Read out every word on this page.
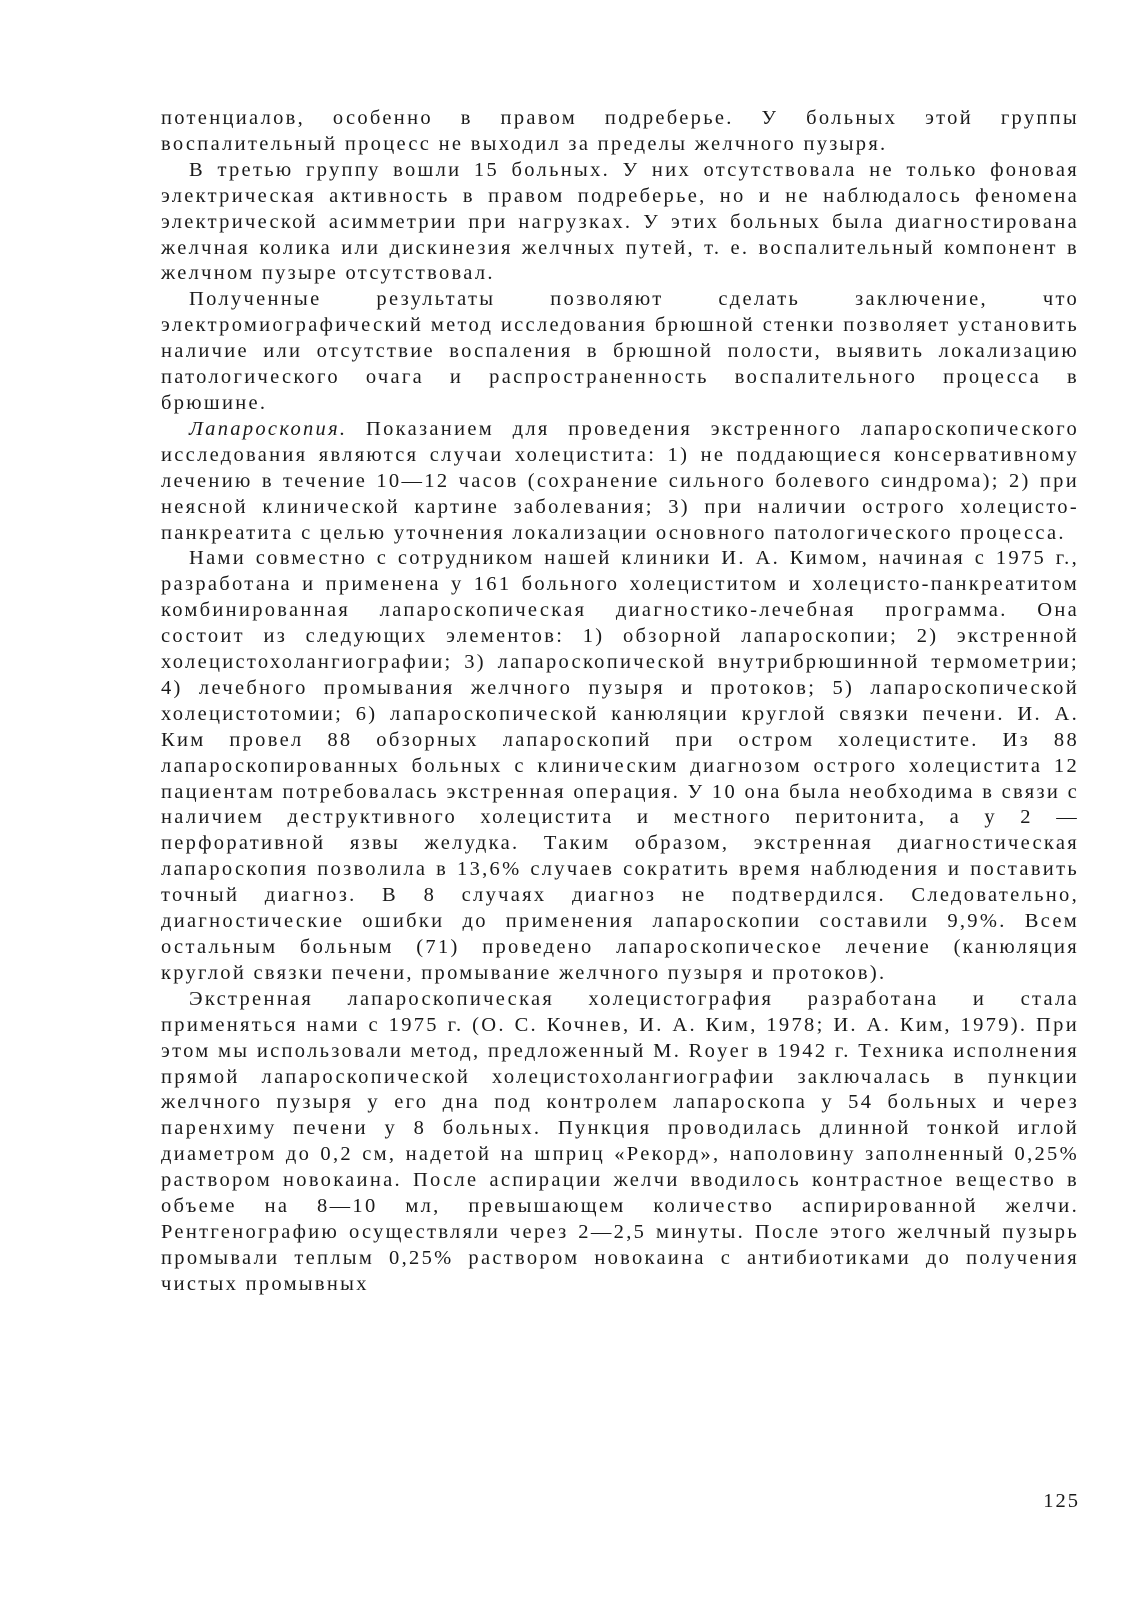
потенциалов, особенно в правом подреберье. У больных этой группы воспалительный процесс не выходил за пределы желчного пузыря.

В третью группу вошли 15 больных. У них отсутствовала не только фоновая электрическая активность в правом подреберье, но и не наблюдалось феномена электрической асимметрии при нагрузках. У этих больных была диагностирована желчная колика или дискинезия желчных путей, т. е. воспалительный компонент в желчном пузыре отсутствовал.

Полученные результаты позволяют сделать заключение, что электромиографический метод исследования брюшной стенки позволяет установить наличие или отсутствие воспаления в брюшной полости, выявить локализацию патологического очага и распространенность воспалительного процесса в брюшине.

Лапароскопия. Показанием для проведения экстренного лапароскопического исследования являются случаи холецистита: 1) не поддающиеся консервативному лечению в течение 10—12 часов (сохранение сильного болевого синдрома); 2) при неясной клинической картине заболевания; 3) при наличии острого холецисто-панкреатита с целью уточнения локализации основного патологического процесса.

Нами совместно с сотрудником нашей клиники И. А. Кимом, начиная с 1975 г., разработана и применена у 161 больного холециститом и холецисто-панкреатитом комбинированная лапароскопическая диагностико-лечебная программа. Она состоит из следующих элементов: 1) обзорной лапароскопии; 2) экстренной холецистохолангиографии; 3) лапароскопической внутрибрюшинной термометрии; 4) лечебного промывания желчного пузыря и протоков; 5) лапароскопической холецистотомии; 6) лапароскопической канюляции круглой связки печени. И. А. Ким провел 88 обзорных лапароскопий при остром холецистите. Из 88 лапароскопированных больных с клиническим диагнозом острого холецистита 12 пациентам потребовалась экстренная операция. У 10 она была необходима в связи с наличием деструктивного холецистита и местного перитонита, а у 2 — перфоративной язвы желудка. Таким образом, экстренная диагностическая лапароскопия позволила в 13,6% случаев сократить время наблюдения и поставить точный диагноз. В 8 случаях диагноз не подтвердился. Следовательно, диагностические ошибки до применения лапароскопии составили 9,9%. Всем остальным больным (71) проведено лапароскопическое лечение (канюляция круглой связки печени, промывание желчного пузыря и протоков).

Экстренная лапароскопическая холецистография разработана и стала применяться нами с 1975 г. (О. С. Кочнев, И. А. Ким, 1978; И. А. Ким, 1979). При этом мы использовали метод, предложенный М. Royer в 1942 г. Техника исполнения прямой лапароскопической холецистохолангиографии заключалась в пункции желчного пузыря у его дна под контролем лапароскопа у 54 больных и через паренхиму печени у 8 больных. Пункция проводилась длинной тонкой иглой диаметром до 0,2 см, надетой на шприц «Рекорд», наполовину заполненный 0,25% раствором новокаина. После аспирации желчи вводилось контрастное вещество в объеме на 8—10 мл, превышающем количество аспирированной желчи. Рентгенографию осуществляли через 2—2,5 минуты. После этого желчный пузырь промывали теплым 0,25% раствором новокаина с антибиотиками до получения чистых промывных

125
